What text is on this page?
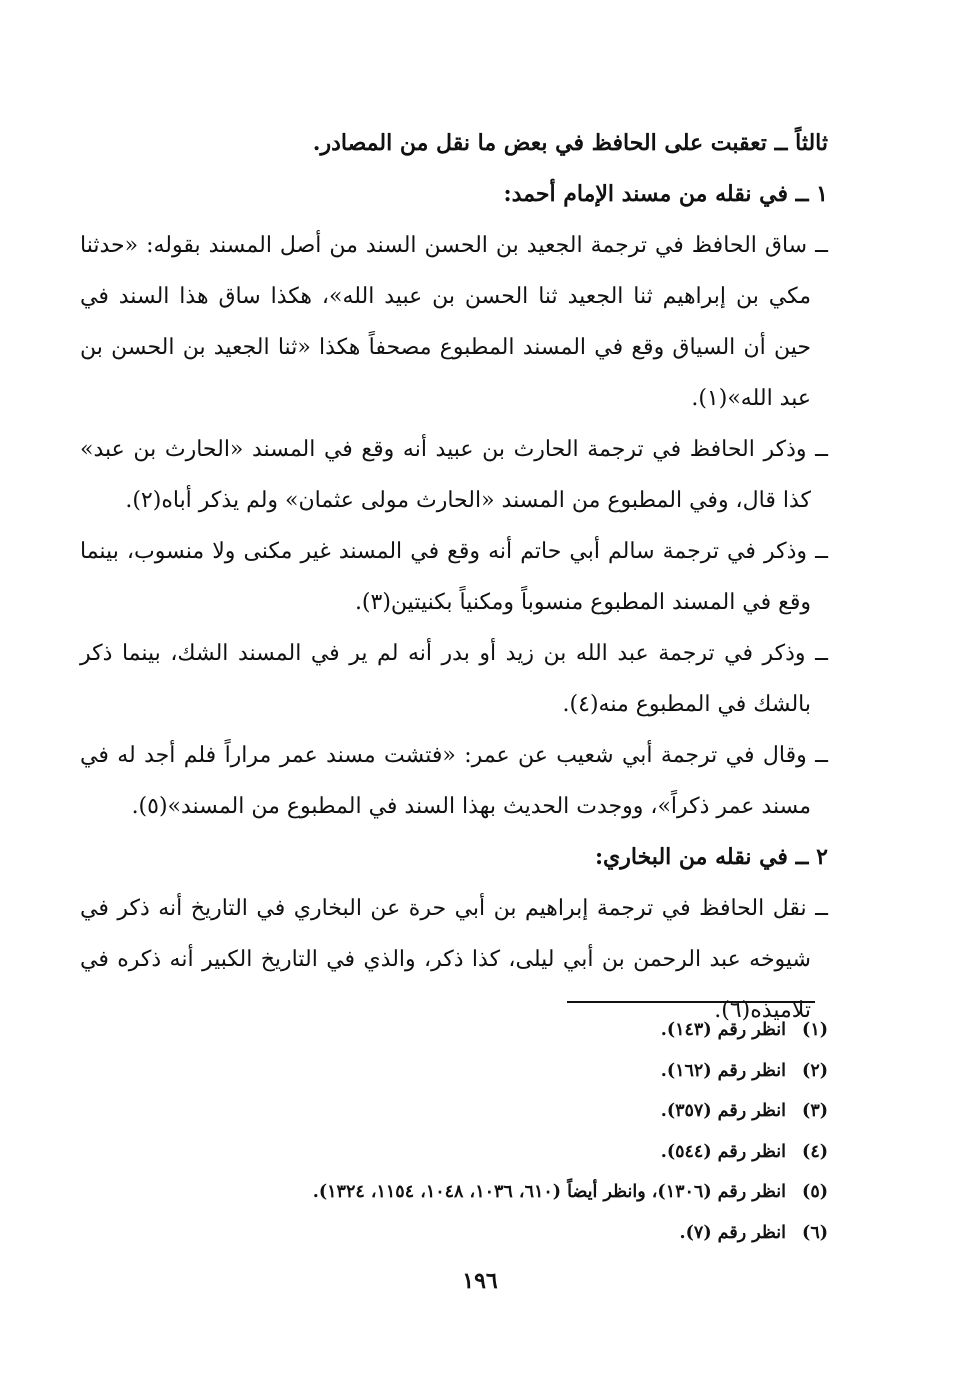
ثالثاً ــ تعقبت على الحافظ في بعض ما نقل من المصادر.

١ ــ في نقله من مسند الإمام أحمد:

ــ ساق الحافظ في ترجمة الجعيد بن الحسن السند من أصل المسند بقوله: «حدثنا مكي بن إبراهيم ثنا الجعيد ثنا الحسن بن عبيد الله»، هكذا ساق هذا السند في حين أن السياق وقع في المسند المطبوع مصحفاً هكذا «ثنا الجعيد بن الحسن بن عبد الله»(١).

ــ وذكر الحافظ في ترجمة الحارث بن عبيد أنه وقع في المسند «الحارث بن عبد» كذا قال، وفي المطبوع من المسند «الحارث مولى عثمان» ولم يذكر أباه(٢).

ــ وذكر في ترجمة سالم أبي حاتم أنه وقع في المسند غير مكنى ولا منسوب، بينما وقع في المسند المطبوع منسوباً ومكنياً بكنيتين(٣).

ــ وذكر في ترجمة عبد الله بن زيد أو بدر أنه لم ير في المسند الشك، بينما ذكر بالشك في المطبوع منه(٤).

ــ وقال في ترجمة أبي شعيب عن عمر: «فتشت مسند عمر مراراً فلم أجد له في مسند عمر ذكراً»، ووجدت الحديث بهذا السند في المطبوع من المسند»(٥).

٢ ــ في نقله من البخاري:

ــ نقل الحافظ في ترجمة إبراهيم بن أبي حرة عن البخاري في التاريخ أنه ذكر في شيوخه عبد الرحمن بن أبي ليلى، كذا ذكر، والذي في التاريخ الكبير أنه ذكره في تلاميذه(٦).

(١)انظر رقم (١٤٣).
(٢)انظر رقم (١٦٢).
(٣)انظر رقم (٣٥٧).
(٤)انظر رقم (٥٤٤).
(٥)انظر رقم (١٣٠٦)، وانظر أيضاً (٦١٠، ١٠٣٦، ١٠٤٨، ١١٥٤، ١٣٢٤).
(٦)انظر رقم (٧).
١٩٦
